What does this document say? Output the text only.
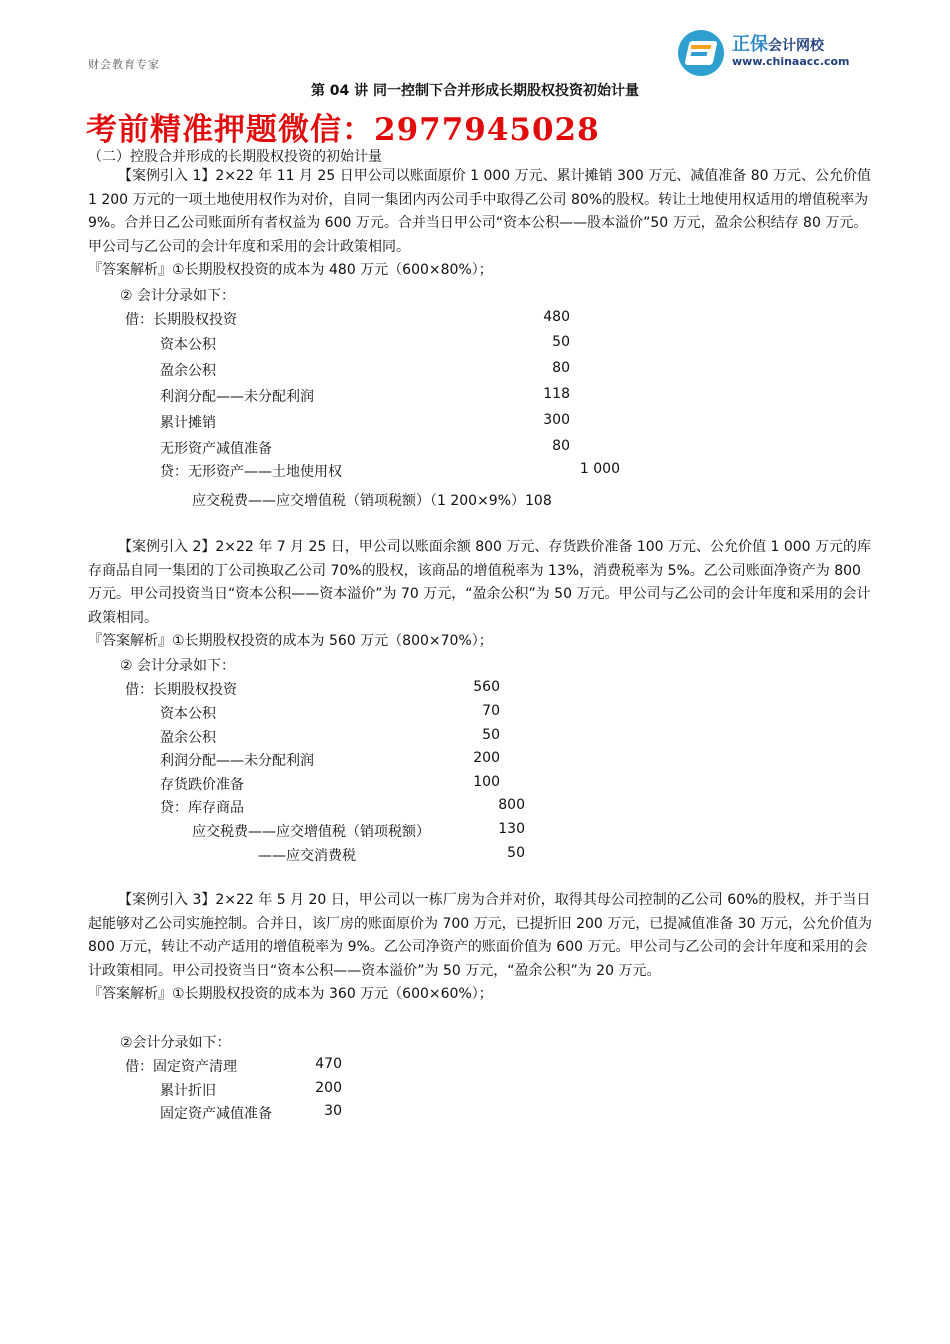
财会教育专家
正保会计网校
www.chinaacc.com
第 04 讲 同一控制下合并形成长期股权投资初始计量
考前精准押题微信：2977945028
（二）控股合并形成的长期股权投资的初始计量

【案例引入 1】2×22 年 11 月 25 日甲公司以账面原价 1 000 万元、累计摊销 300 万元、减值准备 80 万元、公允价值 1 200 万元的一项土地使用权作为对价，自同一集团内丙公司手中取得乙公司 80%的股权。转让土地使用权适用的增值税率为 9%。合并日乙公司账面所有者权益为 600 万元。合并当日甲公司“资本公积——股本溢价”50 万元，盈余公积结存 80 万元。甲公司与乙公司的会计年度和采用的会计政策相同。

『答案解析』①长期股权投资的成本为 480 万元（600×80%）；

② 会计分录如下：
借：长期股权投资	480
资本公积	50
盈余公积	80
利润分配——未分配利润	118
累计摊销	300
无形资产减值准备	80
贷：无形资产——土地使用权	1 000
应交税费——应交增值税（销项税额）（1 200×9%）108

【案例引入 2】2×22 年 7 月 25 日，甲公司以账面余额 800 万元、存货跌价准备 100 万元、公允价值 1 000 万元的库存商品自同一集团的丁公司换取乙公司 70%的股权，该商品的增值税率为 13%，消费税率为 5%。乙公司账面净资产为 800 万元。甲公司投资当日“资本公积——资本溢价”为 70 万元，“盈余公积”为 50 万元。甲公司与乙公司的会计年度和采用的会计政策相同。

『答案解析』①长期股权投资的成本为 560 万元（800×70%）；

② 会计分录如下：
借：长期股权投资	560
资本公积	70
盈余公积	50
利润分配——未分配利润	200
存货跌价准备	100
贷：库存商品	800
应交税费——应交增值税（销项税额）	130
——应交消费税	50

【案例引入 3】2×22 年 5 月 20 日，甲公司以一栋厂房为合并对价，取得其母公司控制的乙公司 60%的股权，并于当日起能够对乙公司实施控制。合并日，该厂房的账面原价为 700 万元，已提折旧 200 万元，已提减值准备 30 万元，公允价值为 800 万元，转让不动产适用的增值税率为 9%。乙公司净资产的账面价值为 600 万元。甲公司与乙公司的会计年度和采用的会计政策相同。甲公司投资当日“资本公积——资本溢价”为 50 万元，“盈余公积”为 20 万元。

『答案解析』①长期股权投资的成本为 360 万元（600×60%）；

②会计分录如下：
借：固定资产清理	470
累计折旧	200
固定资产减值准备	30
